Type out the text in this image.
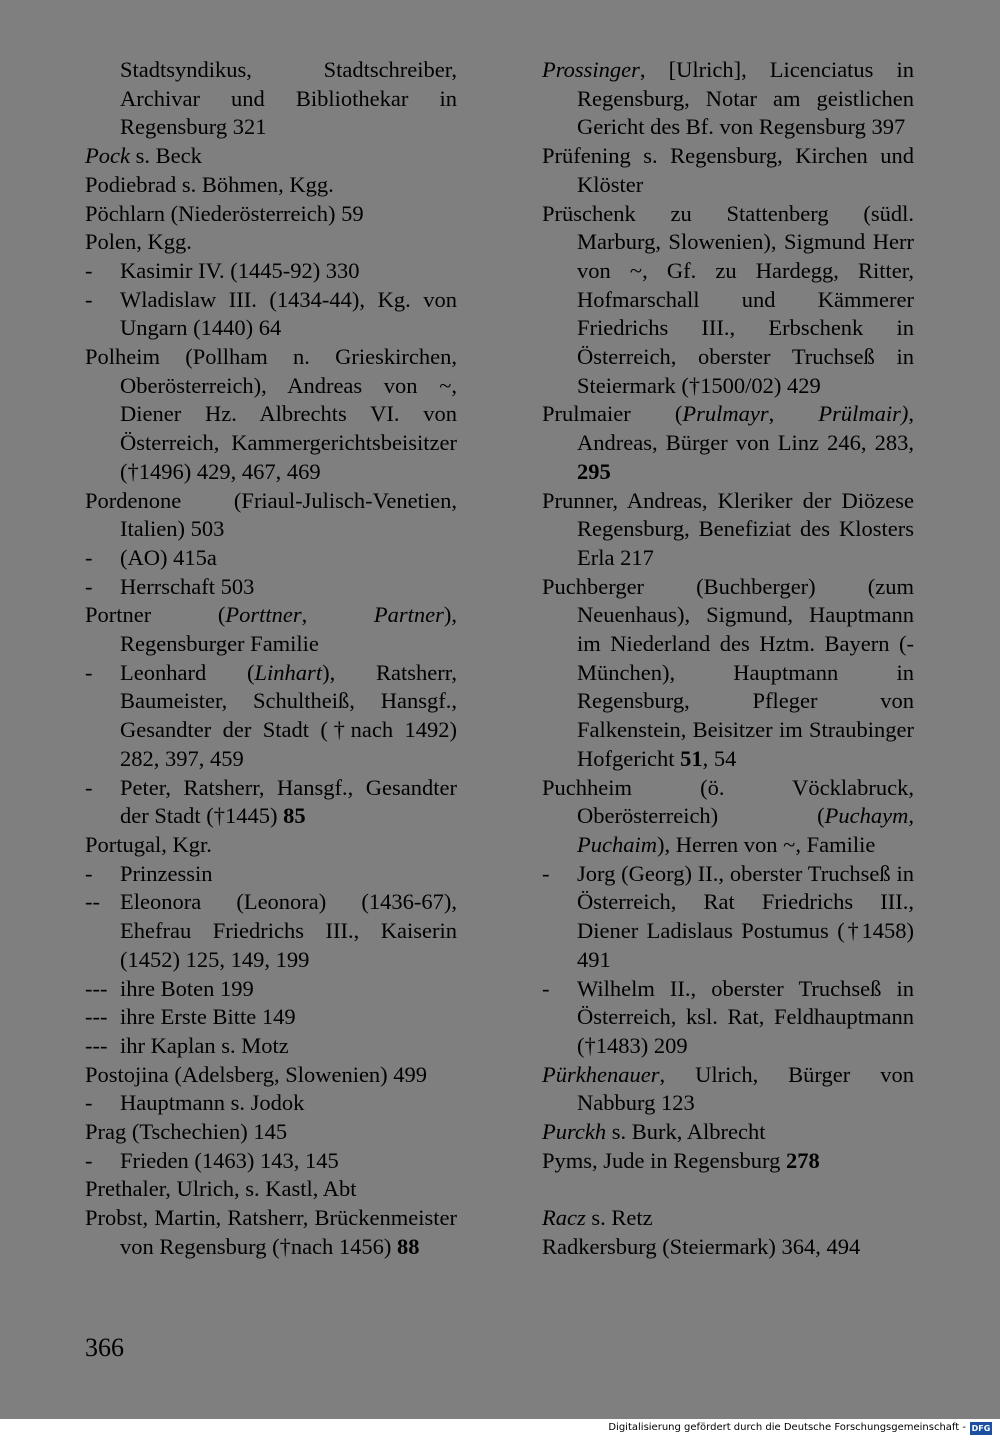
Stadtsyndikus, Stadtschreiber, Archivar und Bibliothekar in Regensburg 321
Pock s. Beck
Podiebrad s. Böhmen, Kgg.
Pöchlarn (Niederösterreich) 59
Polen, Kgg.
- Kasimir IV. (1445-92) 330
- Wladislaw III. (1434-44), Kg. von Ungarn (1440) 64
Polheim (Pollham n. Grieskirchen, Oberösterreich), Andreas von ~, Diener Hz. Albrechts VI. von Österreich, Kammergerichtsbeisitzer (†1496) 429, 467, 469
Pordenone (Friaul-Julisch-Venetien, Italien) 503
- (AO) 415a
- Herrschaft 503
Portner (Porttner, Partner), Regensburger Familie
- Leonhard (Linhart), Ratsherr, Baumeister, Schultheiß, Hansgf., Gesandter der Stadt (†nach 1492) 282, 397, 459
- Peter, Ratsherr, Hansgf., Gesandter der Stadt (†1445) 85
Portugal, Kgr.
- Prinzessin
-- Eleonora (Leonora) (1436-67), Ehefrau Friedrichs III., Kaiserin (1452) 125, 149, 199
--- ihre Boten 199
--- ihre Erste Bitte 149
--- ihr Kaplan s. Motz
Postojina (Adelsberg, Slowenien) 499
- Hauptmann s. Jodok
Prag (Tschechien) 145
- Frieden (1463) 143, 145
Prethaler, Ulrich, s. Kastl, Abt
Probst, Martin, Ratsherr, Brückenmeister von Regensburg (†nach 1456) 88
Prossinger, [Ulrich], Licenciatus in Regensburg, Notar am geistlichen Gericht des Bf. von Regensburg 397
Prüfening s. Regensburg, Kirchen und Klöster
Prüschenk zu Stattenberg (südl. Marburg, Slowenien), Sigmund Herr von ~, Gf. zu Hardegg, Ritter, Hofmarschall und Kämmerer Friedrichs III., Erbschenk in Österreich, oberster Truchseß in Steiermark (†1500/02) 429
Prulmaier (Prulmayr, Prülmair), Andreas, Bürger von Linz 246, 283, 295
Prunner, Andreas, Kleriker der Diözese Regensburg, Benefiziat des Klosters Erla 217
Puchberger (Buchberger) (zum Neuenhaus), Sigmund, Hauptmann im Niederland des Hztm. Bayern (-München), Hauptmann in Regensburg, Pfleger von Falkenstein, Beisitzer im Straubinger Hofgericht 51, 54
Puchheim (ö. Vöcklabruck, Oberösterreich) (Puchaym, Puchaim), Herren von ~, Familie
- Jorg (Georg) II., oberster Truchseß in Österreich, Rat Friedrichs III., Diener Ladislaus Postumus (†1458) 491
- Wilhelm II., oberster Truchseß in Österreich, ksl. Rat, Feldhauptmann (†1483) 209
Pürkhenauer, Ulrich, Bürger von Nabburg 123
Purckh s. Burk, Albrecht
Pyms, Jude in Regensburg 278
Racz s. Retz
Radkersburg (Steiermark) 364, 494
366
Digitalisierung gefördert durch die Deutsche Forschungsgemeinschaft - DFG
